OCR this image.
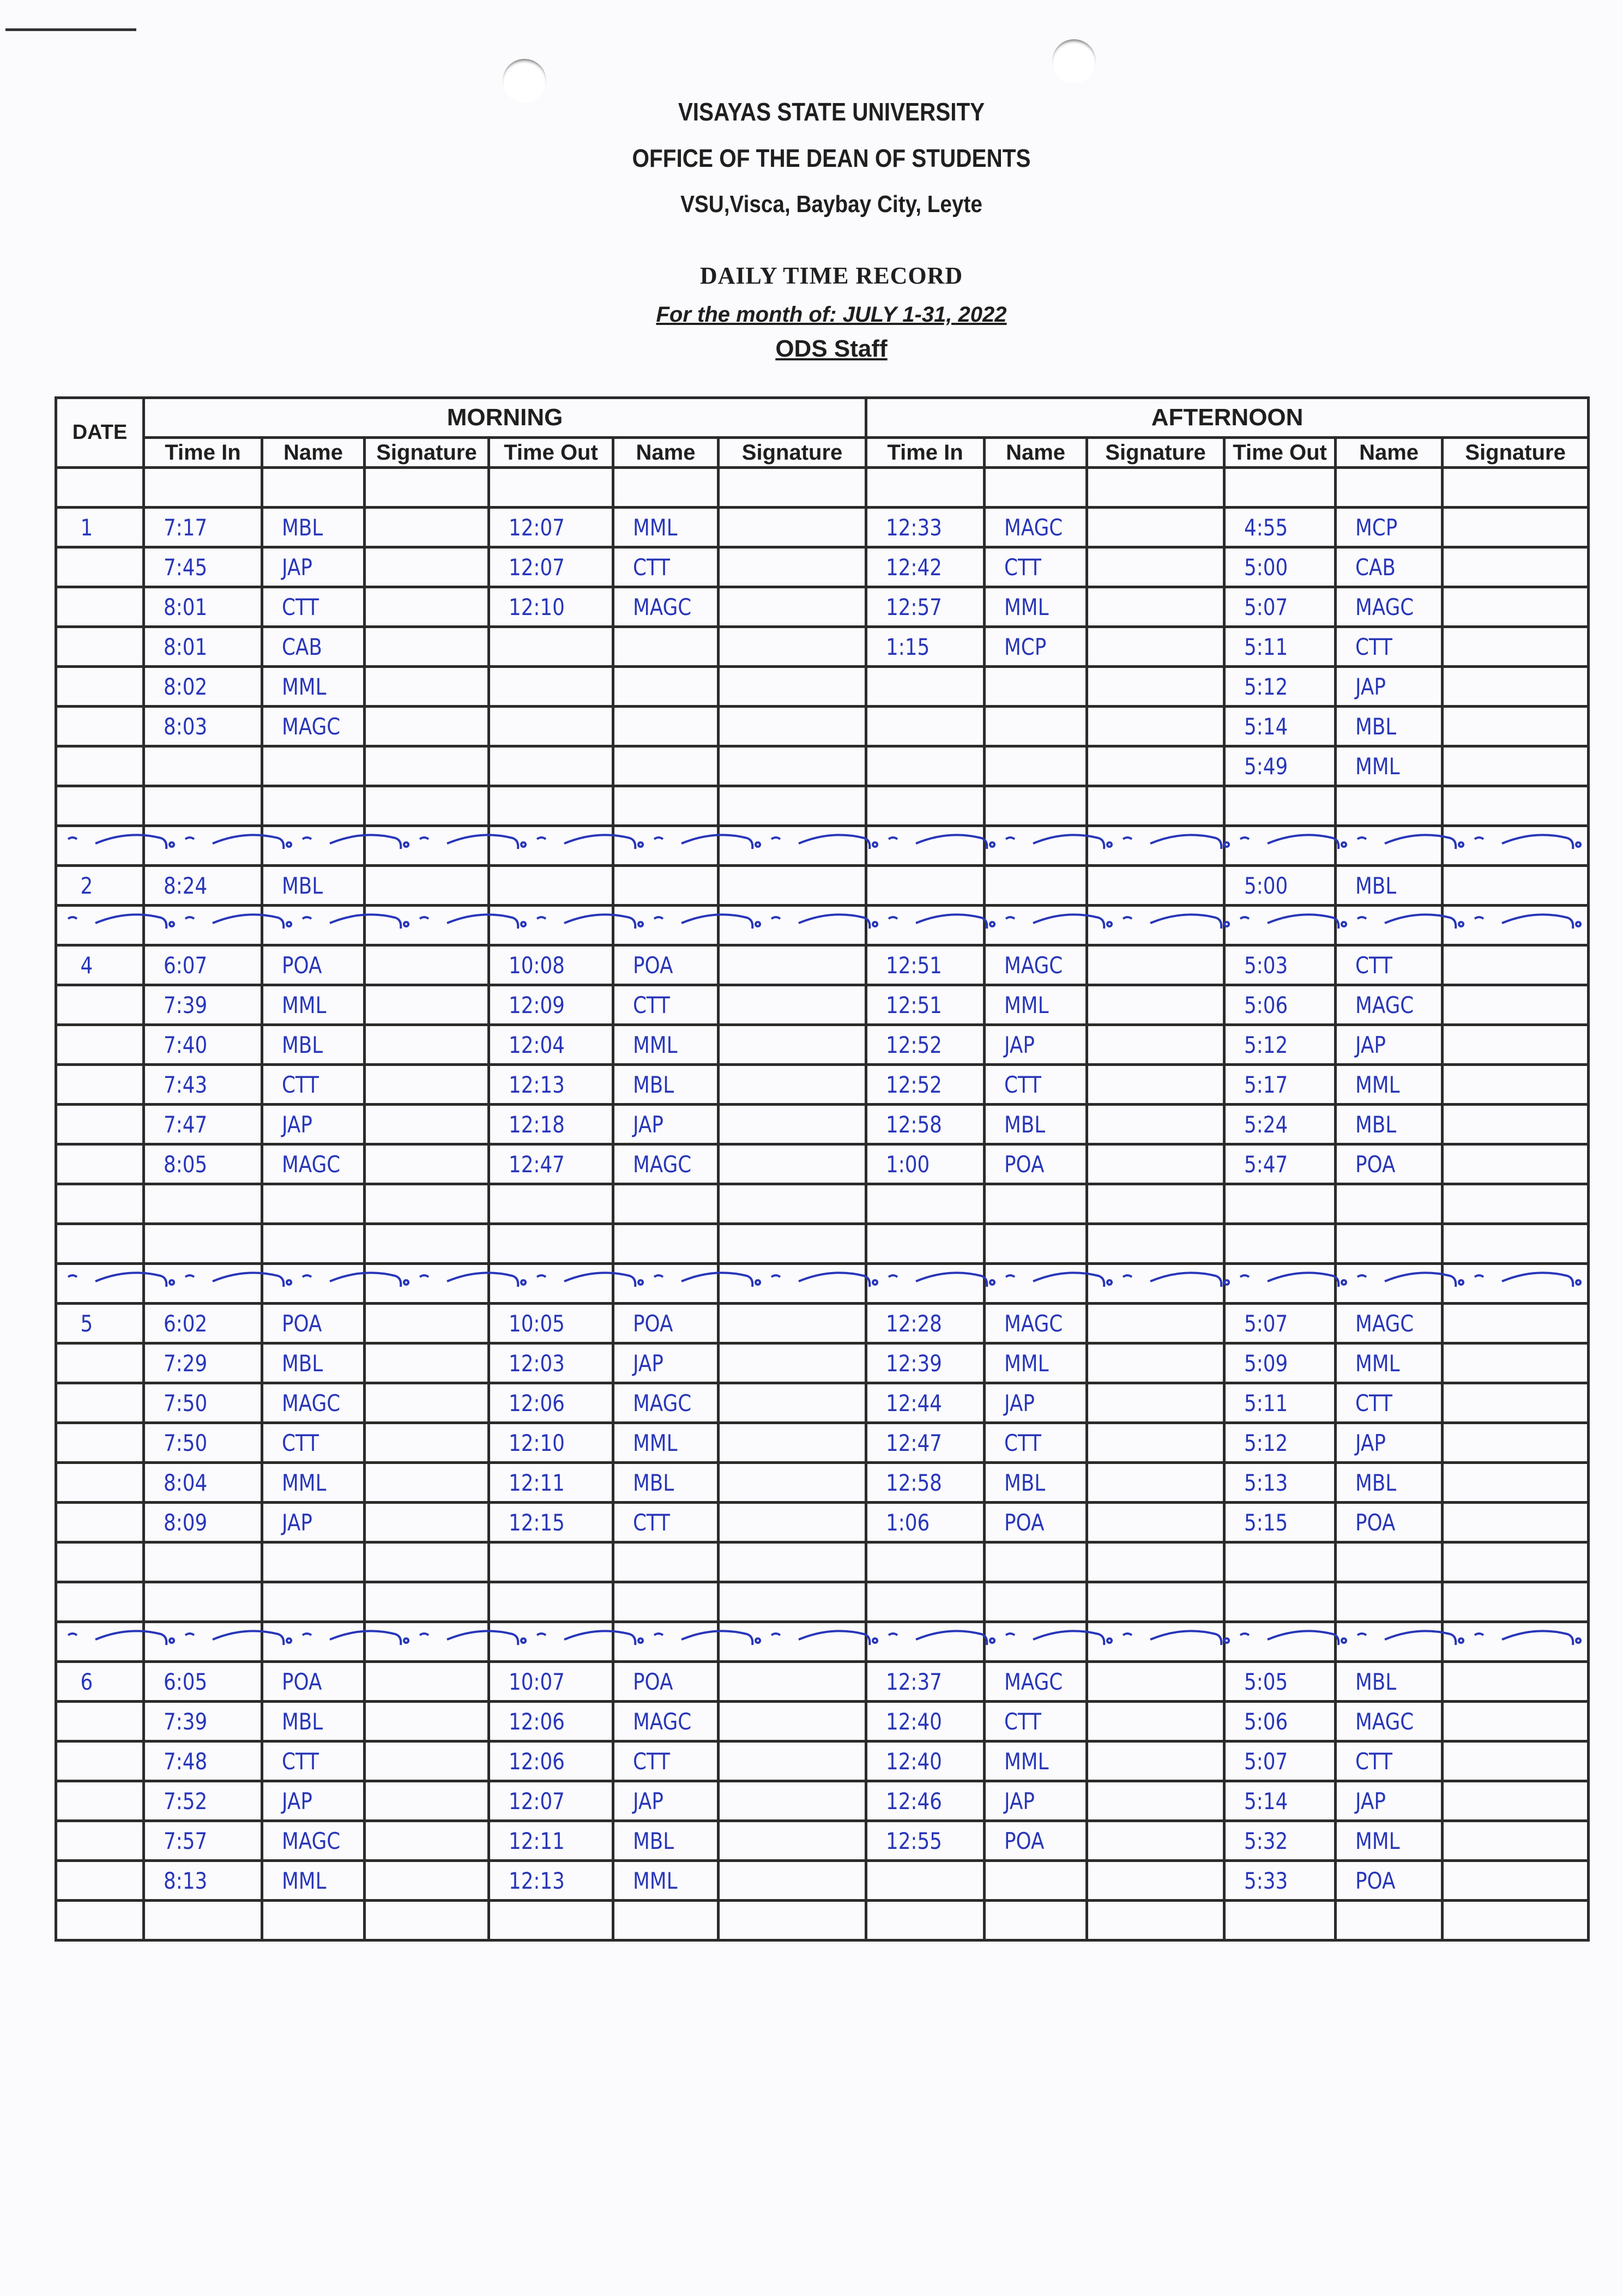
VISAYAS STATE UNIVERSITY
OFFICE OF THE DEAN OF STUDENTS
VSU,Visca, Baybay City, Leyte
DAILY TIME RECORD
For the month of: JULY 1-31, 2022
ODS Staff
DATE	MORNING						AFTERNOON					
	Time In	Name	Signature	Time Out	Name	Signature	Time In	Name	Signature	Time Out	Name	Signature

1	7:17	MBL		12:07	MML		12:33	MAGC		4:55	MCP	
	7:45	JAP		12:07	CTT		12:42	CTT		5:00	CAB	
	8:01	CTT		12:10	MAGC		12:57	MML		5:07	MAGC	
	8:01	CAB					1:15	MCP		5:11	CTT	
	8:02	MML								5:12	JAP	
	8:03	MAGC								5:14	MBL	
										5:49	MML	

2	8:24	MBL								5:00	MBL	

4	6:07	POA		10:08	POA		12:51	MAGC		5:03	CTT	
	7:39	MML		12:09	CTT		12:51	MML		5:06	MAGC	
	7:40	MBL		12:04	MML		12:52	JAP		5:12	JAP	
	7:43	CTT		12:13	MBL		12:52	CTT		5:17	MML	
	7:47	JAP		12:18	JAP		12:58	MBL		5:24	MBL	
	8:05	MAGC		12:47	MAGC		1:00	POA		5:47	POA	

5	6:02	POA		10:05	POA		12:28	MAGC		5:07	MAGC	
	7:29	MBL		12:03	JAP		12:39	MML		5:09	MML	
	7:50	MAGC		12:06	MAGC		12:44	JAP		5:11	CTT	
	7:50	CTT		12:10	MML		12:47	CTT		5:12	JAP	
	8:04	MML		12:11	MBL		12:58	MBL		5:13	MBL	
	8:09	JAP		12:15	CTT		1:06	POA		5:15	POA	

6	6:05	POA		10:07	POA		12:37	MAGC		5:05	MBL	
	7:39	MBL		12:06	MAGC		12:40	CTT		5:06	MAGC	
	7:48	CTT		12:06	CTT		12:40	MML		5:07	CTT	
	7:52	JAP		12:07	JAP		12:46	JAP		5:14	JAP	
	7:57	MAGC		12:11	MBL		12:55	POA		5:32	MML	
	8:13	MML		12:13	MML					5:33	POA	
